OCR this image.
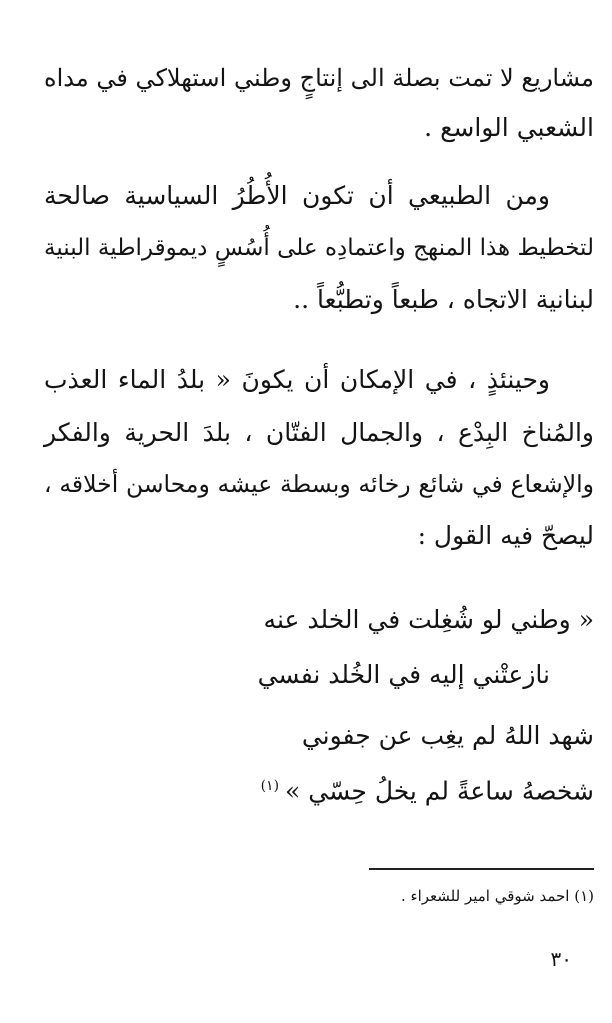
مشاريع لا تمت بصلة الى إنتاجٍ وطني استهلاكي في مداه
الشعبي الواسع .
ومن الطبيعي أن تكون الأُطُرُ السياسية صالحة
لتخطيط هذا المنهج واعتمادِه على أُسُسٍ ديموقراطية البنية
لبنانية الاتجاه ، طبعاً وتطبُّعاً ..
وحينئذٍ ، في الإمكان أن يكونَ « بلدُ الماء العذب
والمُناخ البِدْع ، والجمال الفتّان ، بلدَ الحرية والفكر
والإشعاع في شائع رخائه وبسطة عيشه ومحاسن أخلاقه ،
ليصحّ فيه القول :
« وطني لو شُغِلت في الخلد عنه
نازعتْني إليه في الخُلد نفسي
شهد اللهُ لم يغِب عن جفوني
شخصهُ ساعةً لم يخلُ حِسّي »$^{(١)}$
(١) احمد شوقي امير للشعراء .
٣٠
